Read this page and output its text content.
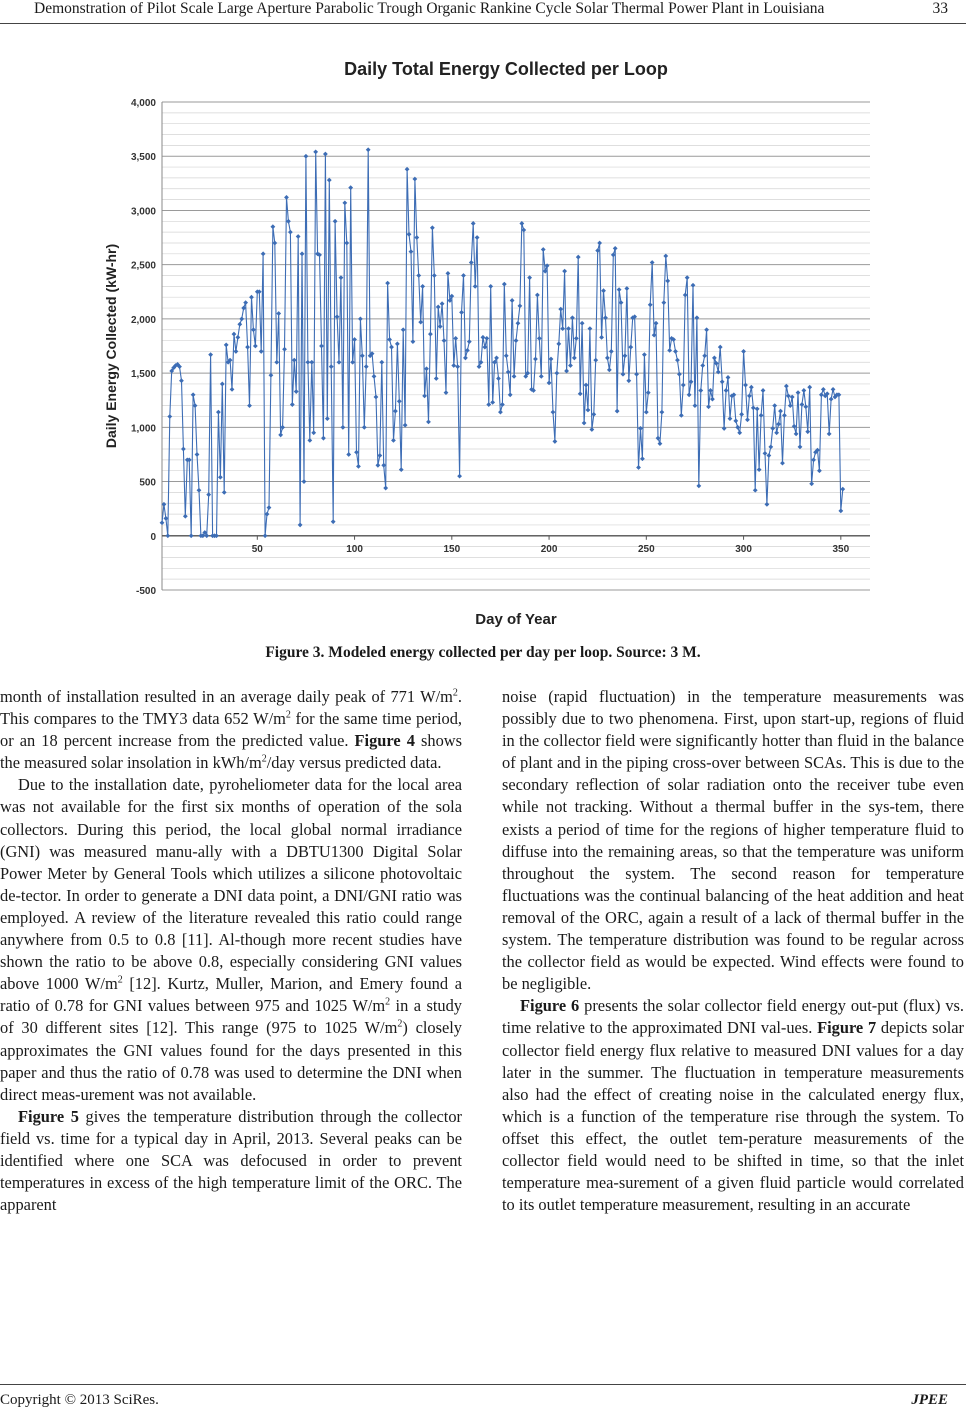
Demonstration of Pilot Scale Large Aperture Parabolic Trough Organic Rankine Cycle Solar Thermal Power Plant in Louisiana	33
-500
0
500
1,000
1,500
2,000
2,500
3,000
3,500
4,000
50	100	150	200	250	300	350
Daily Total Energy Collected per Loop
Day of Year
Daily Energy Collected (kW-hr)
Figure 3. Modeled energy collected per day per loop. Source: 3 M.

month of installation resulted in an average daily peak of 771 $W/m^2$. This compares to the TMY3 data 652 $W/m^2$ for the same time period, or an 18 percent increase from the predicted value. Figure 4 shows the measured solar insolation in kWh/$m^2$/day versus predicted data.

Due to the installation date, pyroheliometer data for the local area was not available for the first six months of operation of the sola collectors. During this period, the local global normal irradiance (GNI) was measured manu-ally with a DBTU1300 Digital Solar Power Meter by General Tools which utilizes a silicone photovoltaic de-tector. In order to generate a DNI data point, a DNI/GNI ratio was employed. A review of the literature revealed this ratio could range anywhere from 0.5 to 0.8 [11]. Al-though more recent studies have shown the ratio to be above 0.8, especially considering GNI values above 1000 $W/m^2$ [12]. Kurtz, Muller, Marion, and Emery found a ratio of 0.78 for GNI values between 975 and 1025 $W/m^2$ in a study of 30 different sites [12]. This range (975 to 1025 $W/m^2$) closely approximates the GNI values found for the days presented in this paper and thus the ratio of 0.78 was used to determine the DNI when direct meas-urement was not available.

Figure 5 gives the temperature distribution through the collector field vs. time for a typical day in April, 2013. Several peaks can be identified where one SCA was defocused in order to prevent temperatures in excess of the high temperature limit of the ORC. The apparent

noise (rapid fluctuation) in the temperature measurements was possibly due to two phenomena. First, upon start-up, regions of fluid in the collector field were significantly hotter than fluid in the balance of plant and in the piping cross-over between SCAs. This is due to the secondary reflection of solar radiation onto the receiver tube even while not tracking. Without a thermal buffer in the sys-tem, there exists a period of time for the regions of higher temperature fluid to diffuse into the remaining areas, so that the temperature was uniform throughout the system. The second reason for temperature fluctuations was the continual balancing of the heat addition and heat removal of the ORC, again a result of a lack of thermal buffer in the system. The temperature distribution was found to be regular across the collector field as would be expected. Wind effects were found to be negligible.

Figure 6 presents the solar collector field energy out-put (flux) vs. time relative to the approximated DNI val-ues. Figure 7 depicts solar collector field energy flux relative to measured DNI values for a day later in the summer. The fluctuation in temperature measurements also had the effect of creating noise in the calculated energy flux, which is a function of the temperature rise through the system. To offset this effect, the outlet tem-perature measurements of the collector field would need to be shifted in time, so that the inlet temperature mea-surement of a given fluid particle would correlated to its outlet temperature measurement, resulting in an accurate

Copyright © 2013 SciRes.	JPEE
